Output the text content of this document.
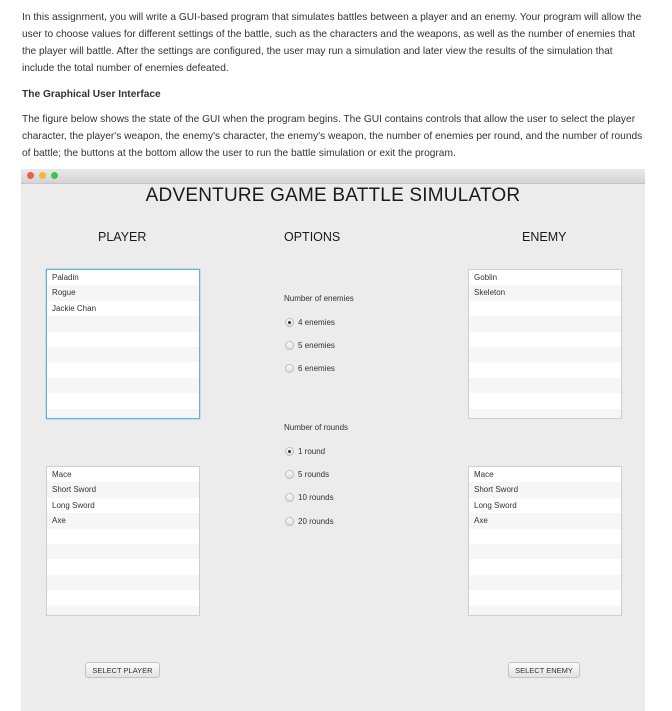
In this assignment, you will write a GUI-based program that simulates battles between a player and an enemy. Your program will allow the user to choose values for different settings of the battle, such as the characters and the weapons, as well as the number of enemies that the player will battle. After the settings are configured, the user may run a simulation and later view the results of the simulation that include the total number of enemies defeated.

The Graphical User Interface

The figure below shows the state of the GUI when the program begins. The GUI contains controls that allow the user to select the player character, the player's weapon, the enemy's character, the enemy's weapon, the number of enemies per round, and the number of rounds of battle; the buttons at the bottom allow the user to run the battle simulation or exit the program.

ADVENTURE GAME BATTLE SIMULATOR
PLAYER	OPTIONS	ENEMY
Paladin
Rogue
Jackie Chan
Goblin
Skeleton
Mace
Short Sword
Long Sword
Axe
Mace
Short Sword
Long Sword
Axe
Number of enemies
4 enemies
5 enemies
6 enemies
Number of rounds
1 round
5 rounds
10 rounds
20 rounds
SELECT PLAYER	SELECT ENEMY
